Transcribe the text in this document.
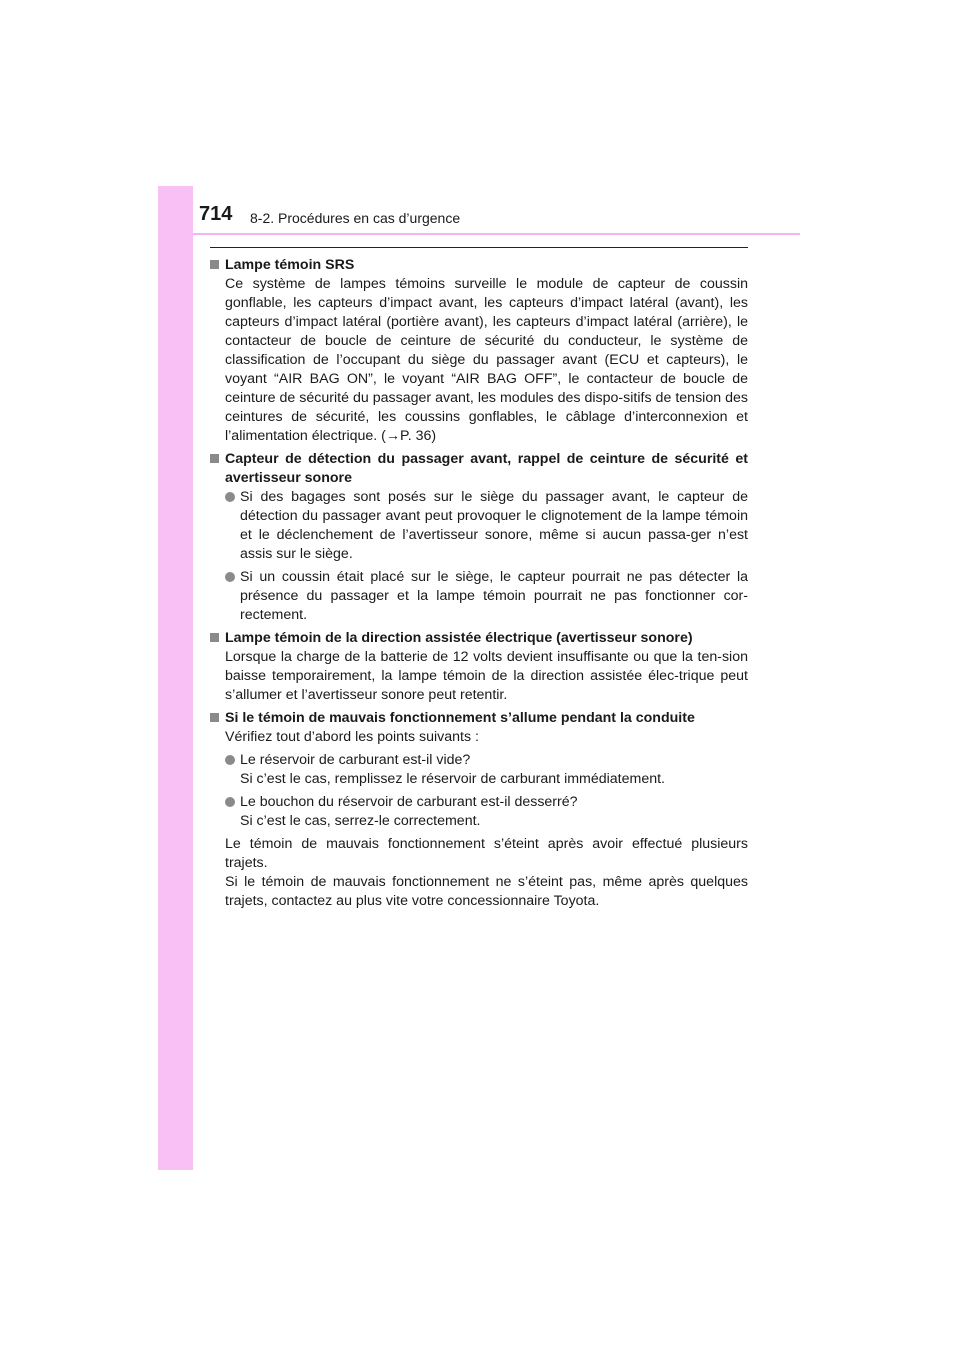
714 8-2. Procédures en cas d’urgence
Lampe témoin SRS
Ce système de lampes témoins surveille le module de capteur de coussin gonflable, les capteurs d’impact avant, les capteurs d’impact latéral (avant), les capteurs d’impact latéral (portière avant), les capteurs d’impact latéral (arrière), le contacteur de boucle de ceinture de sécurité du conducteur, le système de classification de l’occupant du siège du passager avant (ECU et capteurs), le voyant “AIR BAG ON”, le voyant “AIR BAG OFF”, le contacteur de boucle de ceinture de sécurité du passager avant, les modules des dispo-sitifs de tension des ceintures de sécurité, les coussins gonflables, le câblage d’interconnexion et l’alimentation électrique. (→P. 36)
Capteur de détection du passager avant, rappel de ceinture de sécurité et avertisseur sonore
Si des bagages sont posés sur le siège du passager avant, le capteur de détection du passager avant peut provoquer le clignotement de la lampe témoin et le déclenchement de l’avertisseur sonore, même si aucun passa-ger n’est assis sur le siège.
Si un coussin était placé sur le siège, le capteur pourrait ne pas détecter la présence du passager et la lampe témoin pourrait ne pas fonctionner cor-rectement.
Lampe témoin de la direction assistée électrique (avertisseur sonore)
Lorsque la charge de la batterie de 12 volts devient insuffisante ou que la ten-sion baisse temporairement, la lampe témoin de la direction assistée élec-trique peut s’allumer et l’avertisseur sonore peut retentir.
Si le témoin de mauvais fonctionnement s’allume pendant la conduite
Vérifiez tout d’abord les points suivants :
Le réservoir de carburant est-il vide?
Si c’est le cas, remplissez le réservoir de carburant immédiatement.
Le bouchon du réservoir de carburant est-il desserré?
Si c’est le cas, serrez-le correctement.
Le témoin de mauvais fonctionnement s’éteint après avoir effectué plusieurs trajets.
Si le témoin de mauvais fonctionnement ne s’éteint pas, même après quelques trajets, contactez au plus vite votre concessionnaire Toyota.
